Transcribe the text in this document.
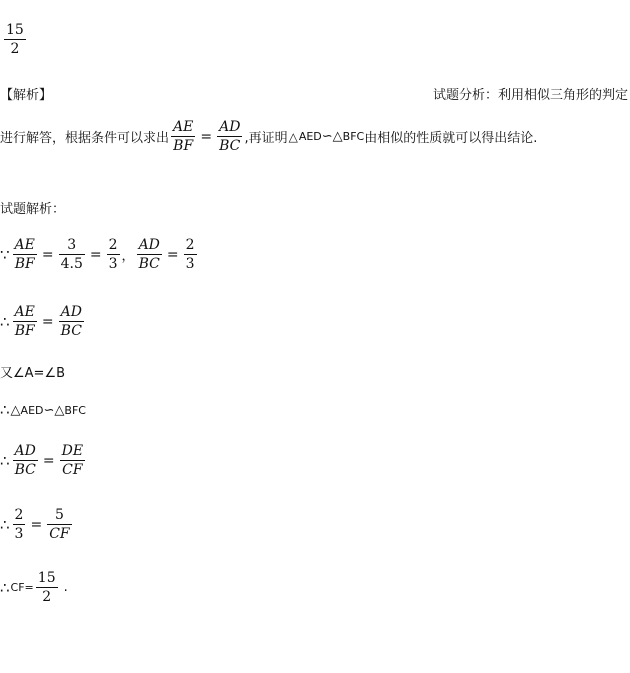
$\frac{15}{2}$
【解析】	试题分析：利用相似三角形的判定
进行解答，根据条件可以求出 $\frac{AE}{BF} = \frac{AD}{BC}$ ,再证明 △ AED ∽ △ BFC 由相似的性质就可以得出结论.
试题解析：
∵ $\frac{AE}{BF} = \frac{3}{4.5} = \frac{2}{3}$ ， $\frac{AD}{BC} = \frac{2}{3}$
∴ $\frac{AE}{BF} = \frac{AD}{BC}$
又∠A=∠B
∴ △ AED ∽ △ BFC
∴ $\frac{AD}{BC} = \frac{DE}{CF}$
∴ $\frac{2}{3} = \frac{5}{CF}$
∴ $CF= \frac{15}{2}$ .
